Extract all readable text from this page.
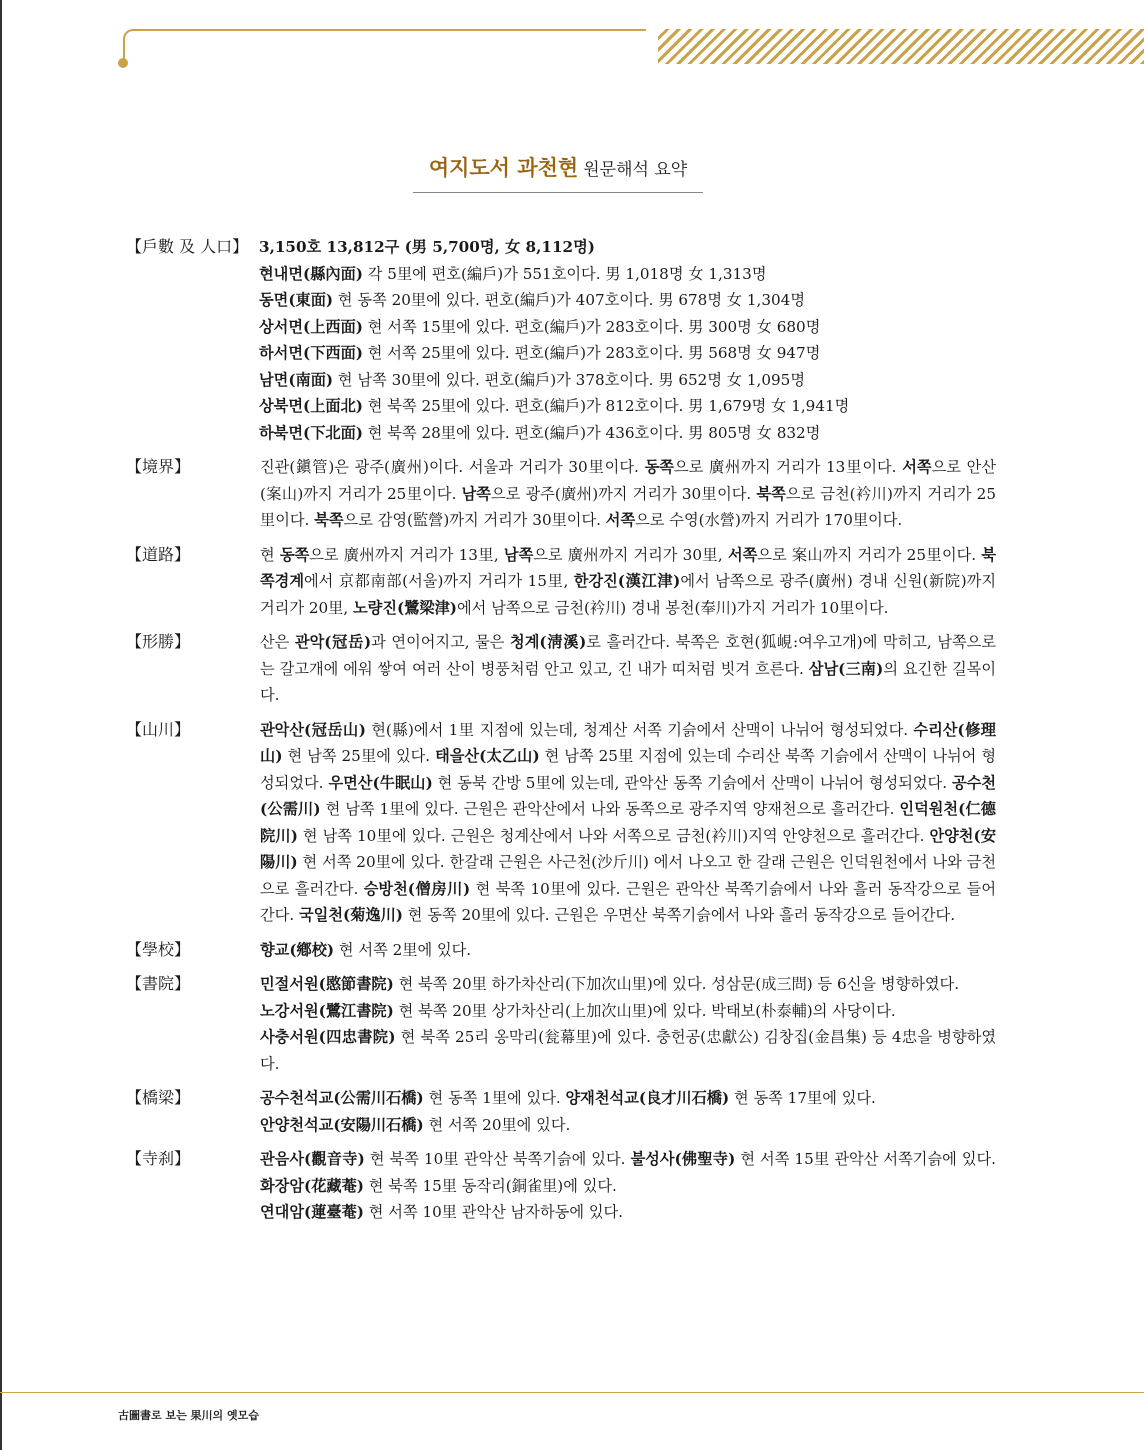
여지도서 과천현 원문해석 요약
【戶數 及 人口】 3,150호 13,812구 (男 5,700명, 女 8,112명)

현내면(縣內面) 각 5里에 편호(編戶)가 551호이다. 男 1,018명 女 1,313명

동면(東面) 현 동쪽 20里에 있다. 편호(編戶)가 407호이다. 男 678명 女 1,304명

상서면(上西面) 현 서쪽 15里에 있다. 편호(編戶)가 283호이다. 男 300명 女 680명

하서면(下西面) 현 서쪽 25里에 있다. 편호(編戶)가 283호이다. 男 568명 女 947명

남면(南面) 현 남쪽 30里에 있다. 편호(編戶)가 378호이다. 男 652명 女 1,095명

상북면(上面北) 현 북쪽 25里에 있다. 편호(編戶)가 812호이다. 男 1,679명 女 1,941명

하북면(下北面) 현 북쪽 28里에 있다. 편호(編戶)가 436호이다. 男 805명 女 832명

【境界】	진관(鎭管)은 광주(廣州)이다. 서울과 거리가 30里이다. 동쪽으로 廣州까지 거리가 13里이다. 서쪽으로 안산(案山)까지 거리가 25里이다. 남쪽으로 광주(廣州)까지 거리가 30里이다. 북쪽으로 금천(衿川)까지 거리가 25里이다. 북쪽으로 감영(監營)까지 거리가 30里이다. 서쪽으로 수영(水營)까지 거리가 170里이다.

【道路】	현 동쪽으로 廣州까지 거리가 13里, 남쪽으로 廣州까지 거리가 30里, 서쪽으로 案山까지 거리가 25里이다. 북쪽경계에서 京都南部(서울)까지 거리가 15里, 한강진(漢江津)에서 남쪽으로 광주(廣州) 경내 신원(新院)까지 거리가 20里, 노량진(鷺梁津)에서 남쪽으로 금천(衿川) 경내 봉천(奉川)가지 거리가 10里이다.

【形勝】	산은 관악(冠岳)과 연이어지고, 물은 청계(淸溪)로 흘러간다. 북쪽은 호현(狐峴:여우고개)에 막히고, 남쪽으로는 갈고개에 에워 쌓여 여러 산이 병풍처럼 안고 있고, 긴 내가 띠처럼 빗겨 흐른다. 삼남(三南)의 요긴한 길목이다.

【山川】	관악산(冠岳山) 현(縣)에서 1里 지점에 있는데, 청계산 서쪽 기슭에서 산맥이 나뉘어 형성되었다. 수리산(修理山) 현 남쪽 25里에 있다. 태을산(太乙山) 현 남쪽 25里 지점에 있는데 수리산 북쪽 기슭에서 산맥이 나뉘어 형성되었다. 우면산(牛眠山) 현 동북 간방 5里에 있는데, 관악산 동쪽 기슭에서 산맥이 나뉘어 형성되었다. 공수천(公需川) 현 남쪽 1里에 있다. 근원은 관악산에서 나와 동쪽으로 광주지역 양재천으로 흘러간다. 인덕원천(仁德院川) 현 남쪽 10里에 있다. 근원은 청계산에서 나와 서쪽으로 금천(衿川)지역 안양천으로 흘러간다. 안양천(安陽川) 현 서쪽 20里에 있다. 한갈래 근원은 사근천(沙斤川) 에서 나오고 한 갈래 근원은 인덕원천에서 나와 금천으로 흘러간다. 승방천(僧房川) 현 북쪽 10里에 있다. 근원은 관악산 북쪽기슭에서 나와 흘러 동작강으로 들어간다. 국일천(菊逸川) 현 동쪽 20里에 있다. 근원은 우면산 북쪽기슭에서 나와 흘러 동작강으로 들어간다.

【學校】	향교(鄕校) 현 서쪽 2里에 있다.

【書院】	민절서원(愍節書院) 현 북쪽 20里 하가차산리(下加次山里)에 있다. 성삼문(成三問) 등 6신을 병향하였다.

노강서원(鷺江書院) 현 북쪽 20里 상가차산리(上加次山里)에 있다. 박태보(朴泰輔)의 사당이다.

사충서원(四忠書院) 현 북쪽 25리 옹막리(瓮幕里)에 있다. 충헌공(忠獻公) 김창집(金昌集) 등 4忠을 병향하였다.

【橋梁】	공수천석교(公需川石橋) 현 동쪽 1里에 있다. 양재천석교(良才川石橋) 현 동쪽 17里에 있다.

안양천석교(安陽川石橋) 현 서쪽 20里에 있다.

【寺刹】	관음사(觀音寺) 현 북쪽 10里 관악산 북쪽기슭에 있다. 불성사(佛聖寺) 현 서쪽 15里 관악산 서쪽기슭에 있다. 화장암(花藏菴) 현 북쪽 15里 동작리(銅雀里)에 있다.

연대암(蓮臺菴) 현 서쪽 10里 관악산 남자하동에 있다.

古圖書로 보는 果川의 옛모습
